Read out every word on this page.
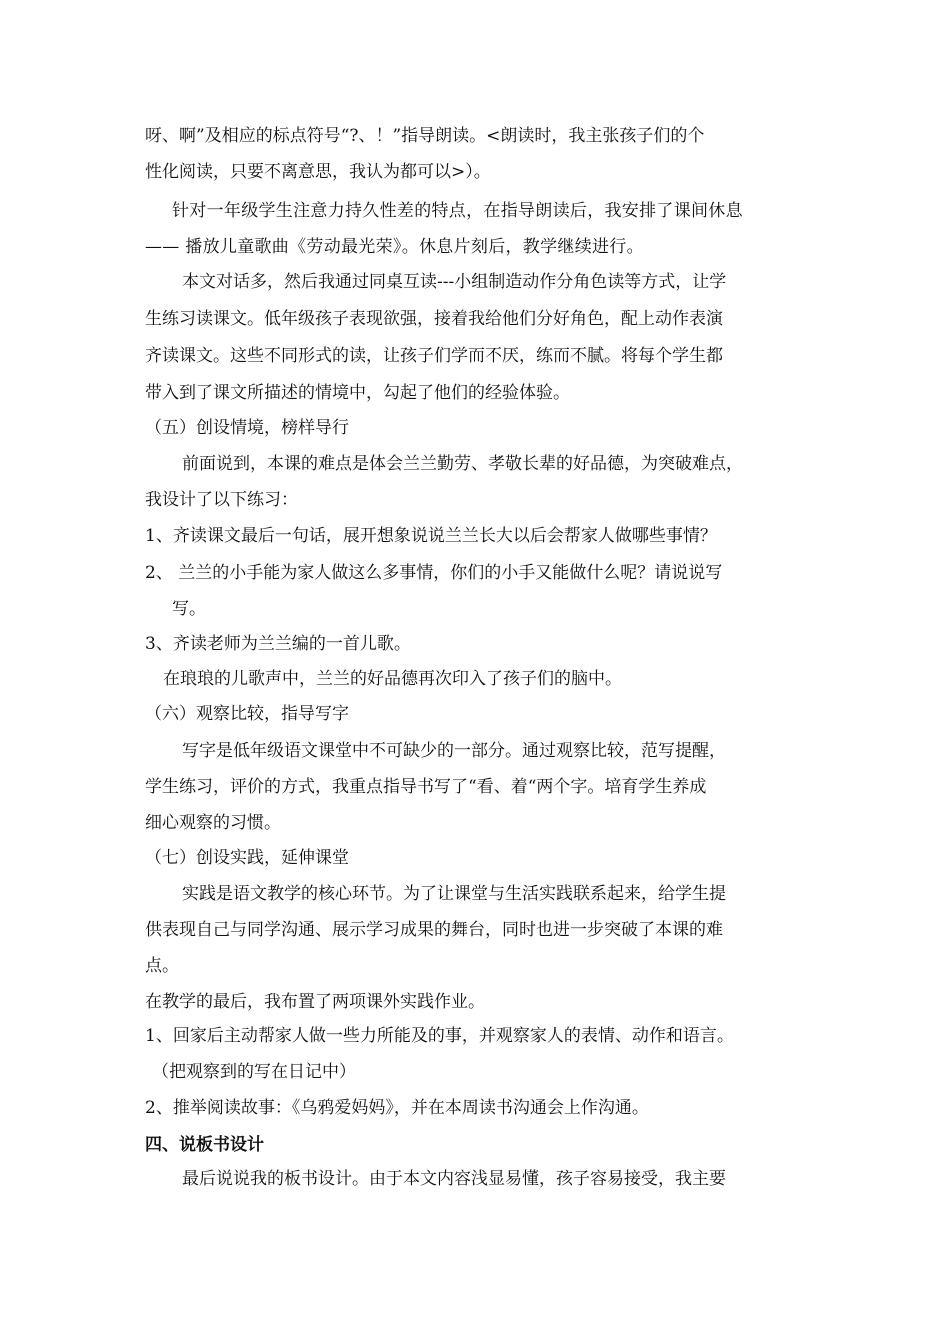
呀、啊”及相应的标点符号“?、！”指导朗读。<朗读时，我主张孩子们的个
性化阅读，只要不离意思，我认为都可以>）。
针对一年级学生注意力持久性差的特点，在指导朗读后，我安排了课间休息
—— 播放儿童歌曲《劳动最光荣》。休息片刻后，教学继续进行。
本文对话多，然后我通过同桌互读---小组制造动作分角色读等方式，让学
生练习读课文。低年级孩子表现欲强，接着我给他们分好角色，配上动作表演
齐读课文。这些不同形式的读，让孩子们学而不厌，练而不腻。将每个学生都
带入到了课文所描述的情境中，勾起了他们的经验体验。
（五）创设情境，榜样导行
前面说到，本课的难点是体会兰兰勤劳、孝敬长辈的好品德，为突破难点，
我设计了以下练习：
1、齐读课文最后一句话，展开想象说说兰兰长大以后会帮家人做哪些事情？
2、 兰兰的小手能为家人做这么多事情，你们的小手又能做什么呢？请说说写
写。
3、齐读老师为兰兰编的一首儿歌。
在琅琅的儿歌声中，兰兰的好品德再次印入了孩子们的脑中。
（六）观察比较，指导写字
写字是低年级语文课堂中不可缺少的一部分。通过观察比较，范写提醒，
学生练习，评价的方式，我重点指导书写了“看、着“两个字。培育学生养成
细心观察的习惯。
（七）创设实践，延伸课堂
实践是语文教学的核心环节。为了让课堂与生活实践联系起来，给学生提
供表现自己与同学沟通、展示学习成果的舞台，同时也进一步突破了本课的难
点。
在教学的最后，我布置了两项课外实践作业。
1、回家后主动帮家人做一些力所能及的事，并观察家人的表情、动作和语言。
（把观察到的写在日记中）
2、推举阅读故事：《乌鸦爱妈妈》，并在本周读书沟通会上作沟通。
四、说板书设计
最后说说我的板书设计。由于本文内容浅显易懂，孩子容易接受，我主要
